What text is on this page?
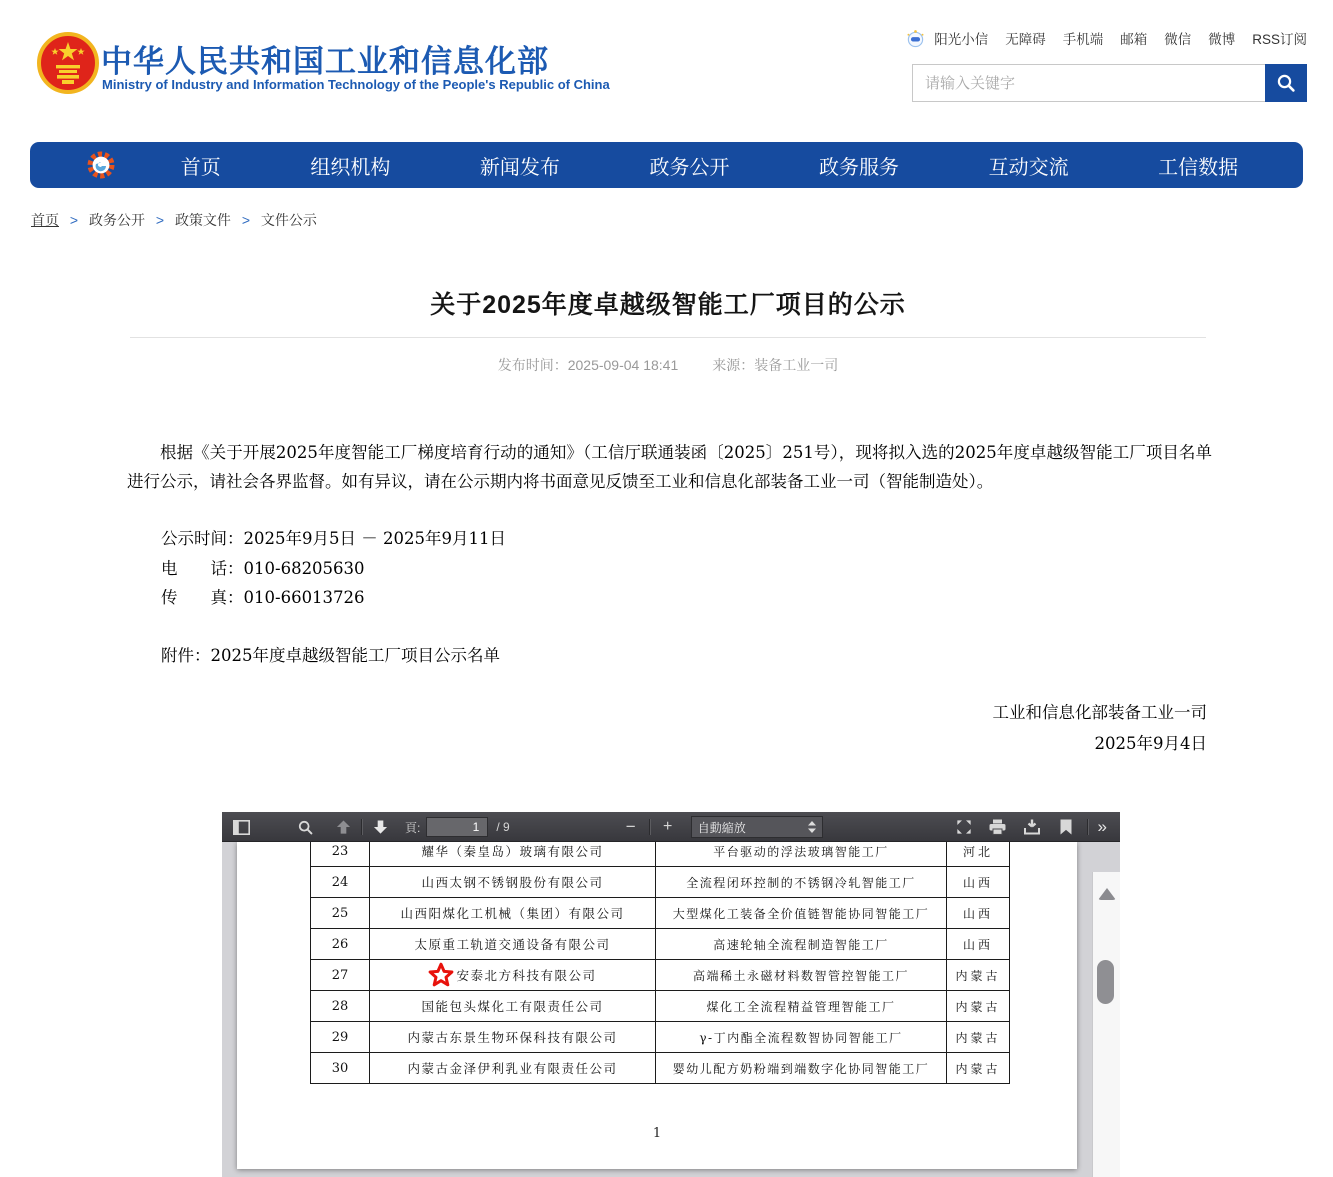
中华人民共和国工业和信息化部
Ministry of Industry and Information Technology of the People's Republic of China
阳光小信 无障碍 手机端 邮箱 微信 微博 RSS订阅
请输入关键字
首页	组织机构	新闻发布	政务公开	政务服务	互动交流	工信数据
首页 > 政务公开 > 政策文件 > 文件公示
关于2025年度卓越级智能工厂项目的公示
发布时间：2025-09-04 18:41 来源：装备工业一司
根据《关于开展2025年度智能工厂梯度培育行动的通知》（工信厅联通装函〔2025〕251号），现将拟入选的2025年度卓越级智能工厂项目名单进行公示，请社会各界监督。如有异议，请在公示期内将书面意见反馈至工业和信息化部装备工业一司（智能制造处）。
公示时间：2025年9月5日 － 2025年9月11日
电　　话：010-68205630
传　　真：010-66013726
附件：2025年度卓越级智能工厂项目公示名单
工业和信息化部装备工业一司
2025年9月4日
頁:
1	/ 9	−	+	自動縮放	»
23	耀华（秦皇岛）玻璃有限公司	平台驱动的浮法玻璃智能工厂	河北
24	山西太钢不锈钢股份有限公司	全流程闭环控制的不锈钢冷轧智能工厂	山西
25	山西阳煤化工机械（集团）有限公司	大型煤化工装备全价值链智能协同智能工厂	山西
26	太原重工轨道交通设备有限公司	高速轮轴全流程制造智能工厂	山西
27	安泰北方科技有限公司	高端稀土永磁材料数智管控智能工厂	内蒙古
28	国能包头煤化工有限责任公司	煤化工全流程精益管理智能工厂	内蒙古
29	内蒙古东景生物环保科技有限公司	γ-丁内酯全流程数智协同智能工厂	内蒙古
30	内蒙古金泽伊利乳业有限责任公司	婴幼儿配方奶粉端到端数字化协同智能工厂	内蒙古
1
